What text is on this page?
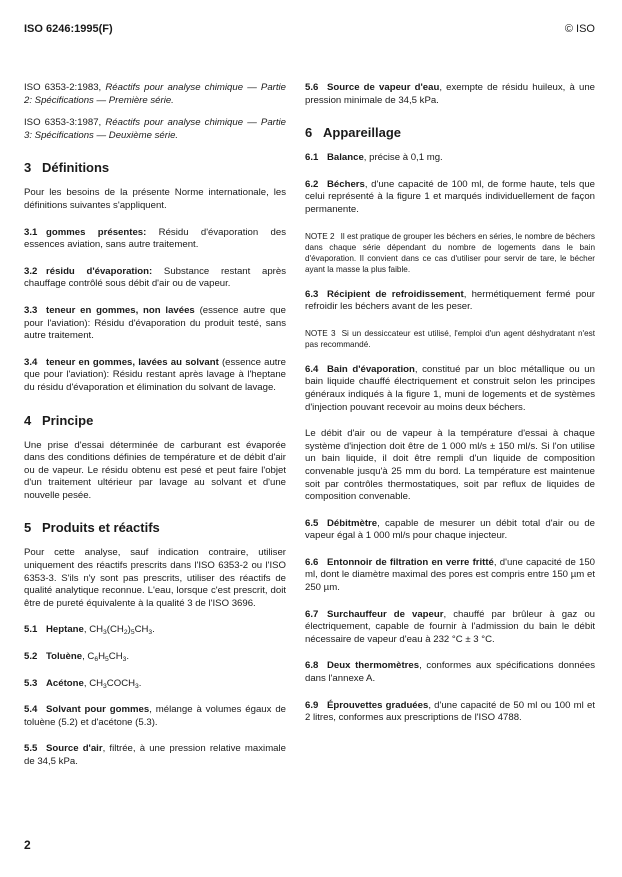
ISO 6246:1995(F)	© ISO

ISO 6353-2:1983, Réactifs pour analyse chimique — Partie 2: Spécifications — Première série.

ISO 6353-3:1987, Réactifs pour analyse chimique — Partie 3: Spécifications — Deuxième série.

3 Définitions

Pour les besoins de la présente Norme internationale, les définitions suivantes s'appliquent.

3.1 gommes présentes: Résidu d'évaporation des essences aviation, sans autre traitement.

3.2 résidu d'évaporation: Substance restant après chauffage contrôlé sous débit d'air ou de vapeur.

3.3 teneur en gommes, non lavées (essence autre que pour l'aviation): Résidu d'évaporation du produit testé, sans autre traitement.

3.4 teneur en gommes, lavées au solvant (essence autre que pour l'aviation): Résidu restant après lavage à l'heptane du résidu d'évaporation et élimination du solvant de lavage.

4 Principe

Une prise d'essai déterminée de carburant est évaporée dans des conditions définies de température et de débit d'air ou de vapeur. Le résidu obtenu est pesé et peut faire l'objet d'un traitement ultérieur par lavage au solvant et d'une nouvelle pesée.

5 Produits et réactifs

Pour cette analyse, sauf indication contraire, utiliser uniquement des réactifs prescrits dans l'ISO 6353-2 ou l'ISO 6353-3. S'ils n'y sont pas prescrits, utiliser des réactifs de qualité analytique reconnue. L'eau, lorsque c'est prescrit, doit être de pureté équivalente à la qualité 3 de l'ISO 3696.

5.1 Heptane, $CH_3(CH_2)_5CH_3$.

5.2 Toluène, $C_6H_5CH_3$.

5.3 Acétone, $CH_3COCH_3$.

5.4 Solvant pour gommes, mélange à volumes égaux de toluène (5.2) et d'acétone (5.3).

5.5 Source d'air, filtrée, à une pression relative maximale de 34,5 kPa.

5.6 Source de vapeur d'eau, exempte de résidu huileux, à une pression minimale de 34,5 kPa.

6 Appareillage

6.1 Balance, précise à 0,1 mg.

6.2 Béchers, d'une capacité de 100 ml, de forme haute, tels que celui représenté à la figure 1 et marqués individuellement de façon permanente.

NOTE 2 Il est pratique de grouper les béchers en séries, le nombre de béchers dans chaque série dépendant du nombre de logements dans le bain d'évaporation. Il convient dans ce cas d'utiliser pour servir de tare, le bécher ayant la masse la plus faible.

6.3 Récipient de refroidissement, hermétiquement fermé pour refroidir les béchers avant de les peser.

NOTE 3 Si un dessiccateur est utilisé, l'emploi d'un agent déshydratant n'est pas recommandé.

6.4 Bain d'évaporation, constitué par un bloc métallique ou un bain liquide chauffé électriquement et construit selon les principes généraux indiqués à la figure 1, muni de logements et de systèmes d'injection pouvant recevoir au moins deux béchers.

Le débit d'air ou de vapeur à la température d'essai à chaque système d'injection doit être de 1 000 ml/s ± 150 ml/s. Si l'on utilise un bain liquide, il doit être rempli d'un liquide de composition convenable jusqu'à 25 mm du bord. La température est maintenue soit par contrôles thermostatiques, soit par reflux de liquides de composition convenable.

6.5 Débitmètre, capable de mesurer un débit total d'air ou de vapeur égal à 1 000 ml/s pour chaque injecteur.

6.6 Entonnoir de filtration en verre fritté, d'une capacité de 150 ml, dont le diamètre maximal des pores est compris entre 150 µm et 250 µm.

6.7 Surchauffeur de vapeur, chauffé par brûleur à gaz ou électriquement, capable de fournir à l'admission du bain le débit nécessaire de vapeur d'eau à 232 °C ± 3 °C.

6.8 Deux thermomètres, conformes aux spécifications données dans l'annexe A.

6.9 Éprouvettes graduées, d'une capacité de 50 ml ou 100 ml et 2 litres, conformes aux prescriptions de l'ISO 4788.

2
